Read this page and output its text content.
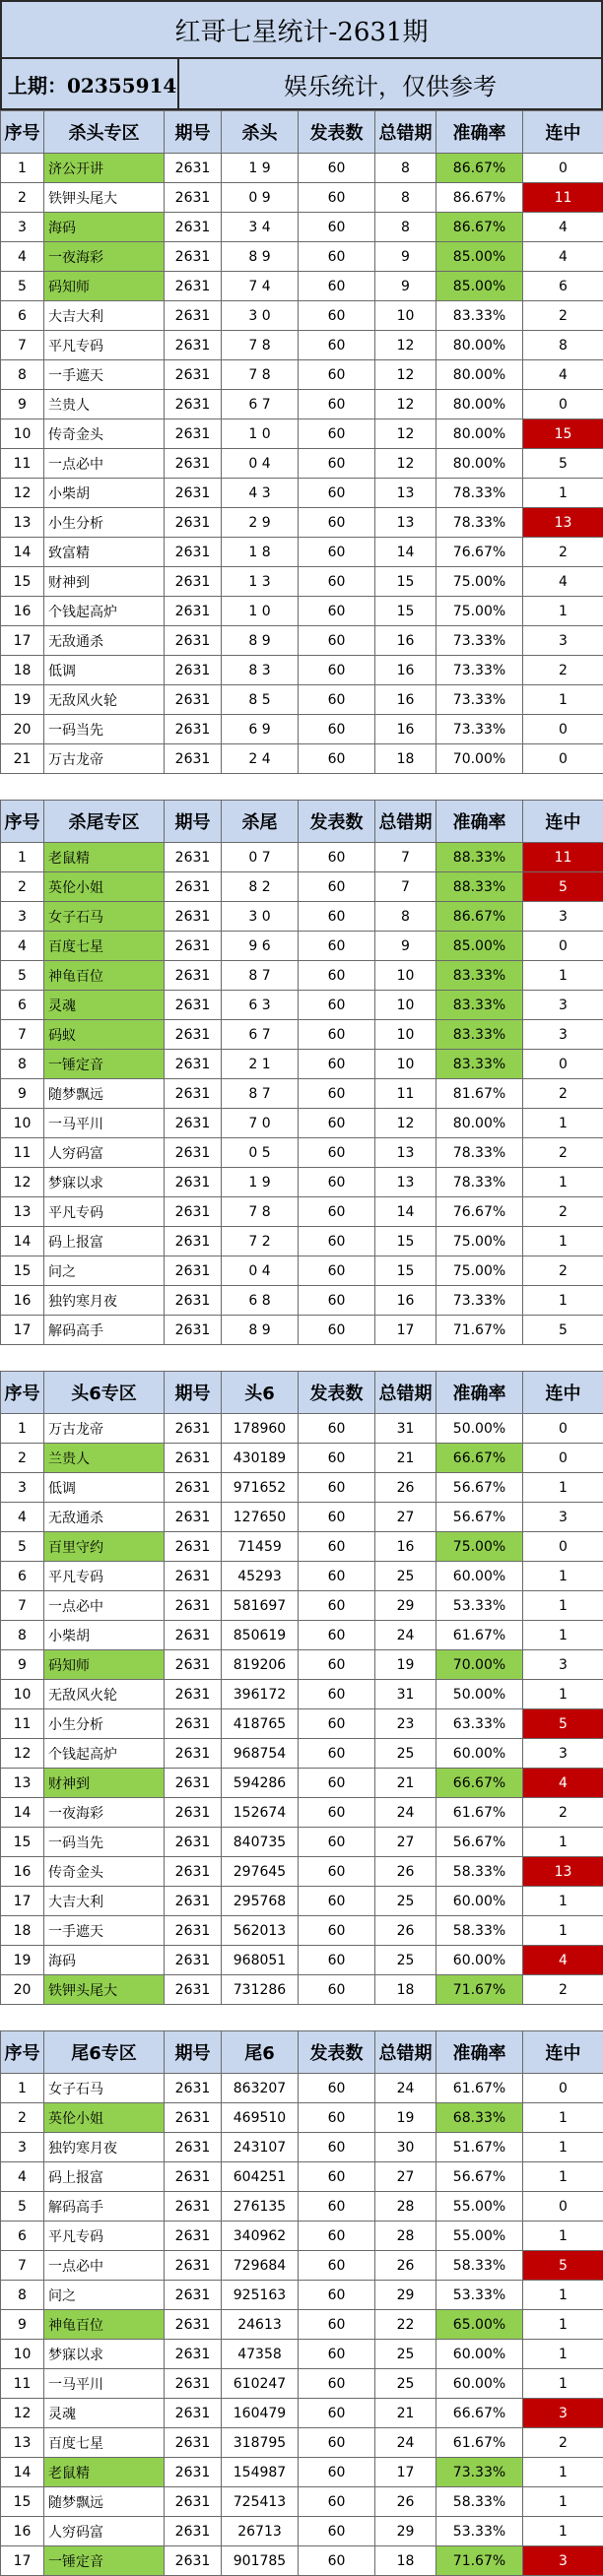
红哥七星统计-2631期
上期：02355914	娱乐统计，仅供参考
序号	杀头专区	期号	杀头	发表数	总错期	准确率	连中
1	济公开讲	2631	1 9	60	8	86.67%	0
2	铁钾头尾大	2631	0 9	60	8	86.67%	11
3	海码	2631	3 4	60	8	86.67%	4
4	一夜海彩	2631	8 9	60	9	85.00%	4
5	码知师	2631	7 4	60	9	85.00%	6
6	大吉大利	2631	3 0	60	10	83.33%	2
7	平凡专码	2631	7 8	60	12	80.00%	8
8	一手遮天	2631	7 8	60	12	80.00%	4
9	兰贵人	2631	6 7	60	12	80.00%	0
10	传奇金头	2631	1 0	60	12	80.00%	15
11	一点必中	2631	0 4	60	12	80.00%	5
12	小柴胡	2631	4 3	60	13	78.33%	1
13	小生分析	2631	2 9	60	13	78.33%	13
14	致富精	2631	1 8	60	14	76.67%	2
15	财神到	2631	1 3	60	15	75.00%	4
16	个钱起高炉	2631	1 0	60	15	75.00%	1
17	无敌通杀	2631	8 9	60	16	73.33%	3
18	低调	2631	8 3	60	16	73.33%	2
19	无敌风火轮	2631	8 5	60	16	73.33%	1
20	一码当先	2631	6 9	60	16	73.33%	0
21	万古龙帝	2631	2 4	60	18	70.00%	0
序号	杀尾专区	期号	杀尾	发表数	总错期	准确率	连中
1	老鼠精	2631	0 7	60	7	88.33%	11
2	英伦小姐	2631	8 2	60	7	88.33%	5
3	女子石马	2631	3 0	60	8	86.67%	3
4	百度七星	2631	9 6	60	9	85.00%	0
5	神龟百位	2631	8 7	60	10	83.33%	1
6	灵魂	2631	6 3	60	10	83.33%	3
7	码蚁	2631	6 7	60	10	83.33%	3
8	一锤定音	2631	2 1	60	10	83.33%	0
9	随梦飘远	2631	8 7	60	11	81.67%	2
10	一马平川	2631	7 0	60	12	80.00%	1
11	人穷码富	2631	0 5	60	13	78.33%	2
12	梦寐以求	2631	1 9	60	13	78.33%	1
13	平凡专码	2631	7 8	60	14	76.67%	2
14	码上报富	2631	7 2	60	15	75.00%	1
15	问之	2631	0 4	60	15	75.00%	2
16	独钓寒月夜	2631	6 8	60	16	73.33%	1
17	解码高手	2631	8 9	60	17	71.67%	5
序号	头6专区	期号	头6	发表数	总错期	准确率	连中
1	万古龙帝	2631	178960	60	31	50.00%	0
2	兰贵人	2631	430189	60	21	66.67%	0
3	低调	2631	971652	60	26	56.67%	1
4	无敌通杀	2631	127650	60	27	56.67%	3
5	百里守约	2631	71459	60	16	75.00%	0
6	平凡专码	2631	45293	60	25	60.00%	1
7	一点必中	2631	581697	60	29	53.33%	1
8	小柴胡	2631	850619	60	24	61.67%	1
9	码知师	2631	819206	60	19	70.00%	3
10	无敌风火轮	2631	396172	60	31	50.00%	1
11	小生分析	2631	418765	60	23	63.33%	5
12	个钱起高炉	2631	968754	60	25	60.00%	3
13	财神到	2631	594286	60	21	66.67%	4
14	一夜海彩	2631	152674	60	24	61.67%	2
15	一码当先	2631	840735	60	27	56.67%	1
16	传奇金头	2631	297645	60	26	58.33%	13
17	大吉大利	2631	295768	60	25	60.00%	1
18	一手遮天	2631	562013	60	26	58.33%	1
19	海码	2631	968051	60	25	60.00%	4
20	铁钾头尾大	2631	731286	60	18	71.67%	2
序号	尾6专区	期号	尾6	发表数	总错期	准确率	连中
1	女子石马	2631	863207	60	24	61.67%	0
2	英伦小姐	2631	469510	60	19	68.33%	1
3	独钓寒月夜	2631	243107	60	30	51.67%	1
4	码上报富	2631	604251	60	27	56.67%	1
5	解码高手	2631	276135	60	28	55.00%	0
6	平凡专码	2631	340962	60	28	55.00%	1
7	一点必中	2631	729684	60	26	58.33%	5
8	问之	2631	925163	60	29	53.33%	1
9	神龟百位	2631	24613	60	22	65.00%	1
10	梦寐以求	2631	47358	60	25	60.00%	1
11	一马平川	2631	610247	60	25	60.00%	1
12	灵魂	2631	160479	60	21	66.67%	3
13	百度七星	2631	318795	60	24	61.67%	2
14	老鼠精	2631	154987	60	17	73.33%	1
15	随梦飘远	2631	725413	60	26	58.33%	1
16	人穷码富	2631	26713	60	29	53.33%	1
17	一锤定音	2631	901785	60	18	71.67%	3
